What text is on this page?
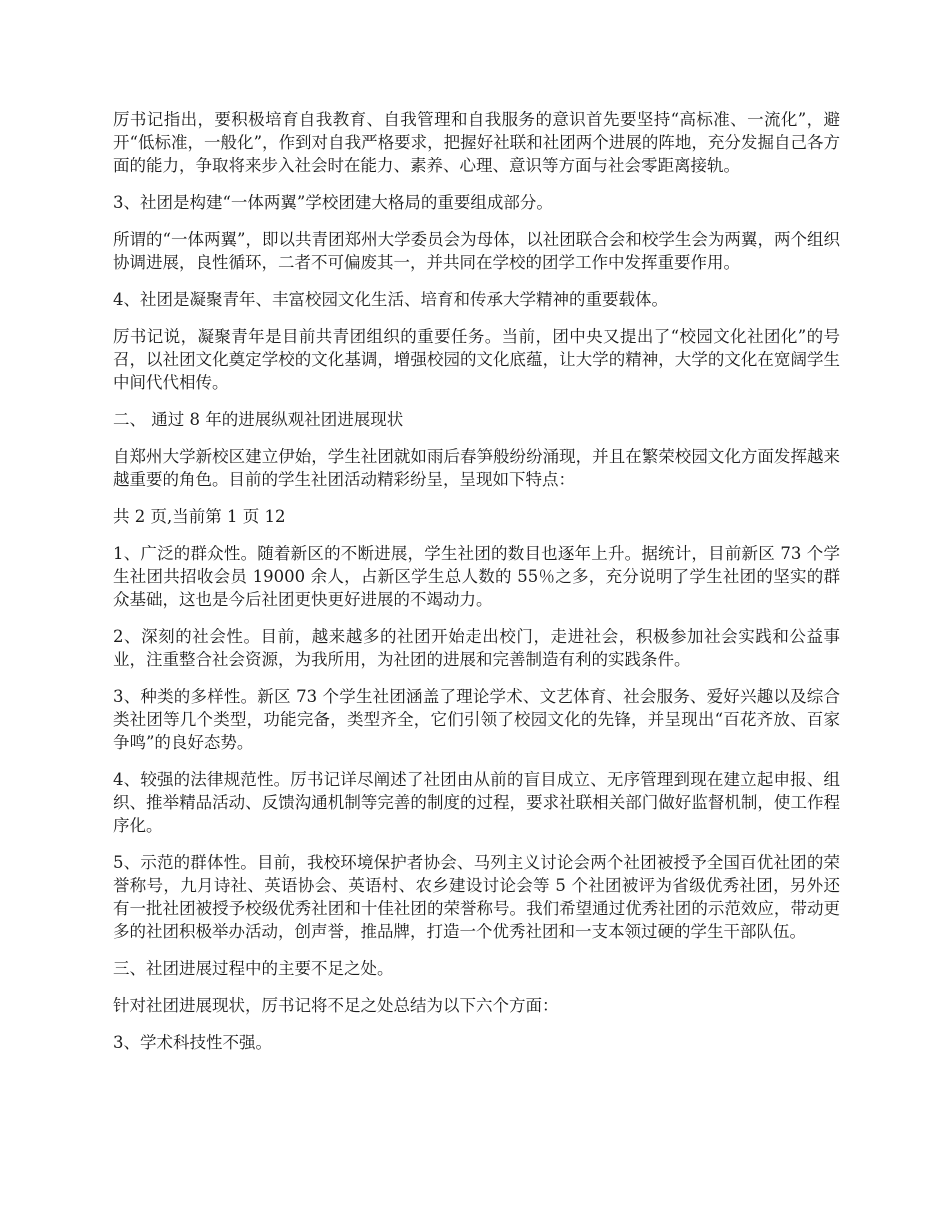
厉书记指出，要积极培育自我教育、自我管理和自我服务的意识首先要坚持“高标准、一流化”，避开“低标准，一般化”，作到对自我严格要求，把握好社联和社团两个进展的阵地，充分发掘自己各方面的能力，争取将来步入社会时在能力、素养、心理、意识等方面与社会零距离接轨。

3、社团是构建“一体两翼”学校团建大格局的重要组成部分。

所谓的“一体两翼”，即以共青团郑州大学委员会为母体，以社团联合会和校学生会为两翼，两个组织协调进展，良性循环，二者不可偏废其一，并共同在学校的团学工作中发挥重要作用。

4、社团是凝聚青年、丰富校园文化生活、培育和传承大学精神的重要载体。

厉书记说，凝聚青年是目前共青团组织的重要任务。当前，团中央又提出了“校园文化社团化”的号召，以社团文化奠定学校的文化基调，增强校园的文化底蕴，让大学的精神，大学的文化在宽阔学生中间代代相传。

二、 通过 8 年的进展纵观社团进展现状

自郑州大学新校区建立伊始，学生社团就如雨后春笋般纷纷涌现，并且在繁荣校园文化方面发挥越来越重要的角色。目前的学生社团活动精彩纷呈，呈现如下特点：

共 2 页,当前第 1 页 12

1、广泛的群众性。随着新区的不断进展，学生社团的数目也逐年上升。据统计，目前新区 73 个学生社团共招收会员 19000 余人，占新区学生总人数的 55％之多，充分说明了学生社团的坚实的群众基础，这也是今后社团更快更好进展的不竭动力。

2、深刻的社会性。目前，越来越多的社团开始走出校门，走进社会，积极参加社会实践和公益事业，注重整合社会资源，为我所用，为社团的进展和完善制造有利的实践条件。

3、种类的多样性。新区 73 个学生社团涵盖了理论学术、文艺体育、社会服务、爱好兴趣以及综合类社团等几个类型，功能完备，类型齐全，它们引领了校园文化的先锋，并呈现出“百花齐放、百家争鸣”的良好态势。

4、较强的法律规范性。厉书记详尽阐述了社团由从前的盲目成立、无序管理到现在建立起申报、组织、推举精品活动、反馈沟通机制等完善的制度的过程，要求社联相关部门做好监督机制，使工作程序化。

5、示范的群体性。目前，我校环境保护者协会、马列主义讨论会两个社团被授予全国百优社团的荣誉称号，九月诗社、英语协会、英语村、农乡建设讨论会等 5 个社团被评为省级优秀社团，另外还有一批社团被授予校级优秀社团和十佳社团的荣誉称号。我们希望通过优秀社团的示范效应，带动更多的社团积极举办活动，创声誉，推品牌，打造一个优秀社团和一支本领过硬的学生干部队伍。

三、社团进展过程中的主要不足之处。

针对社团进展现状，厉书记将不足之处总结为以下六个方面：

3、学术科技性不强。
